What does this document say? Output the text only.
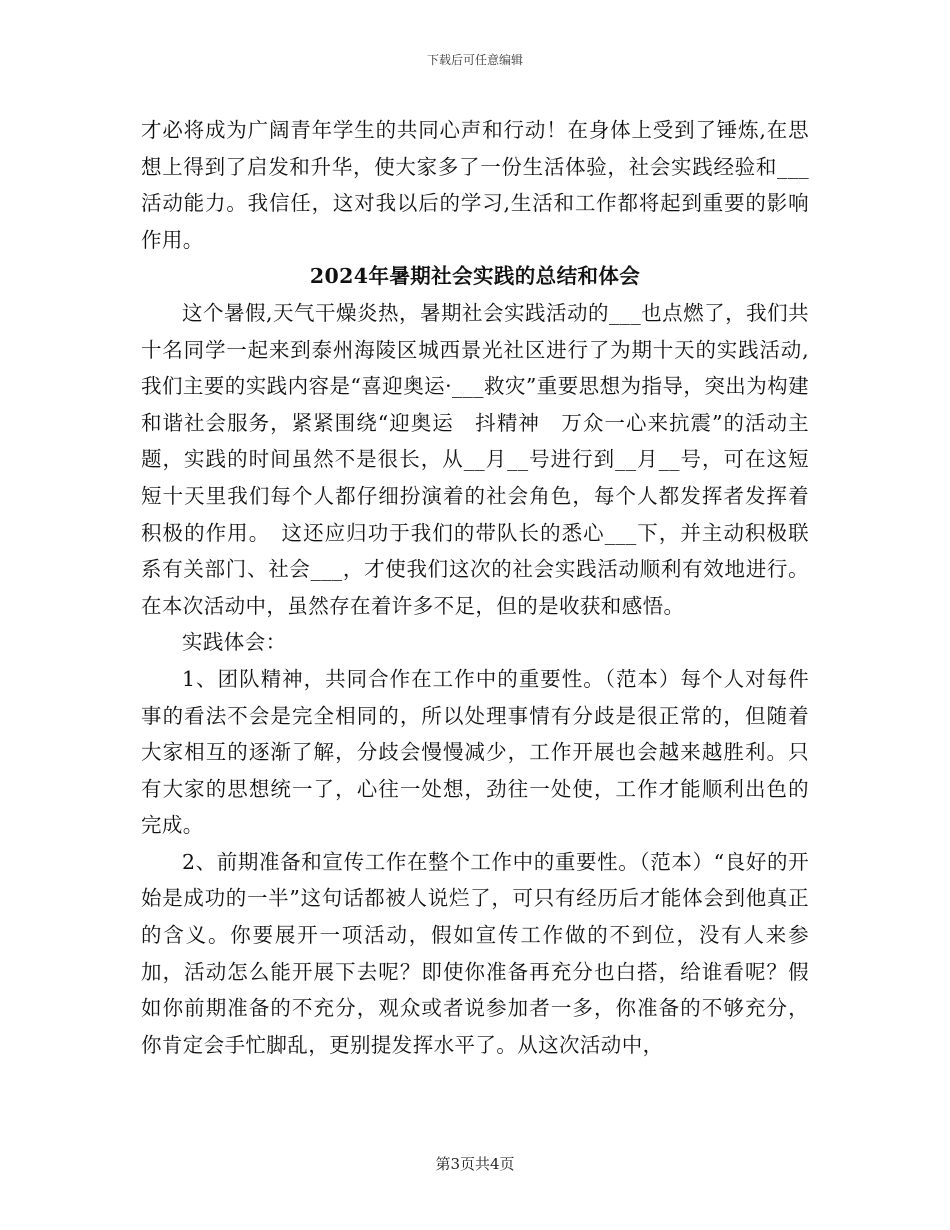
下载后可任意编辑

才必将成为广阔青年学生的共同心声和行动！在身体上受到了锤炼,在思想上得到了启发和升华，使大家多了一份生活体验，社会实践经验和___活动能力。我信任，这对我以后的学习,生活和工作都将起到重要的影响作用。

2024年暑期社会实践的总结和体会

这个暑假,天气干燥炎热，暑期社会实践活动的___也点燃了，我们共十名同学一起来到泰州海陵区城西景光社区进行了为期十天的实践活动,我们主要的实践内容是“喜迎奥运·___救灾”重要思想为指导，突出为构建和谐社会服务，紧紧围绕“迎奥运　抖精神　万众一心来抗震”的活动主题，实践的时间虽然不是很长，从__月__号进行到__月__号，可在这短短十天里我们每个人都仔细扮演着的社会角色，每个人都发挥者发挥着积极的作用。　这还应归功于我们的带队长的悉心___下，并主动积极联系有关部门、社会___，才使我们这次的社会实践活动顺利有效地进行。在本次活动中，虽然存在着许多不足，但的是收获和感悟。

实践体会：

1、团队精神，共同合作在工作中的重要性。（范本）每个人对每件事的看法不会是完全相同的，所以处理事情有分歧是很正常的，但随着大家相互的逐渐了解，分歧会慢慢减少，工作开展也会越来越胜利。只有大家的思想统一了，心往一处想，劲往一处使，工作才能顺利出色的完成。

2、前期准备和宣传工作在整个工作中的重要性。（范本）“良好的开始是成功的一半”这句话都被人说烂了，可只有经历后才能体会到他真正的含义。你要展开一项活动，假如宣传工作做的不到位，没有人来参加，活动怎么能开展下去呢？即使你准备再充分也白搭，给谁看呢？假如你前期准备的不充分，观众或者说参加者一多，你准备的不够充分，你肯定会手忙脚乱，更别提发挥水平了。从这次活动中，

第3页共4页
